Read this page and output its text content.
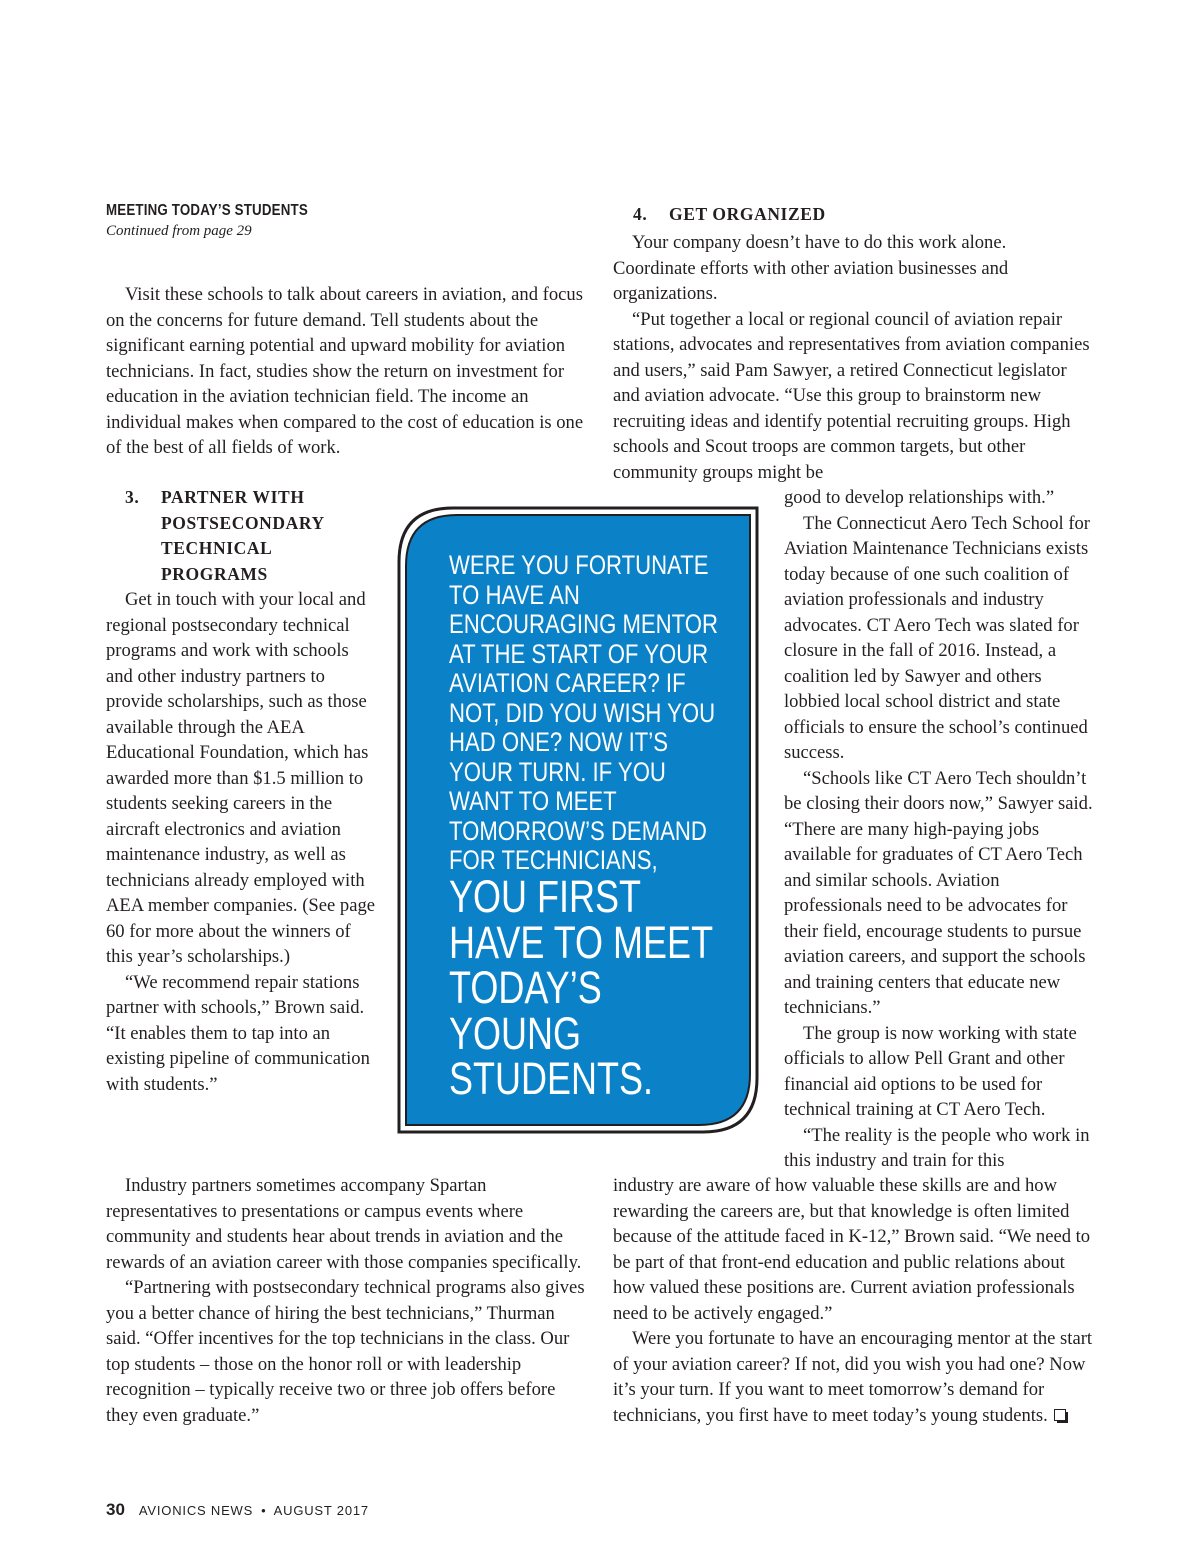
MEETING TODAY’S STUDENTS
Continued from page 29

Visit these schools to talk about careers in aviation, and focus on the concerns for future demand. Tell students about the significant earning potential and upward mobility for aviation technicians. In fact, studies show the return on investment for education in the aviation technician field. The income an individual makes when compared to the cost of education is one of the best of all fields of work.

3. PARTNER WITH POSTSECONDARY TECHNICAL PROGRAMS

Get in touch with your local and regional postsecondary technical programs and work with schools and other industry partners to provide scholarships, such as those available through the AEA Educational Foundation, which has awarded more than $1.5 million to students seeking careers in the aircraft electronics and aviation maintenance industry, as well as technicians already employed with AEA member companies. (See page 60 for more about the winners of this year’s scholarships.)

“We recommend repair stations partner with schools,” Brown said. “It enables them to tap into an existing pipeline of communication with students.”

Industry partners sometimes accompany Spartan representatives to presentations or campus events where community and students hear about trends in aviation and the rewards of an aviation career with those companies specifically.

“Partnering with postsecondary technical programs also gives you a better chance of hiring the best technicians,” Thurman said. “Offer incentives for the top technicians in the class. Our top students – those on the honor roll or with leadership recognition – typically receive two or three job offers before they even graduate.”

4. GET ORGANIZED

Your company doesn’t have to do this work alone. Coordinate efforts with other aviation businesses and organizations.

“Put together a local or regional council of aviation repair stations, advocates and representatives from aviation companies and users,” said Pam Sawyer, a retired Connecticut legislator and aviation advocate. “Use this group to brainstorm new recruiting ideas and identify potential recruiting groups. High schools and Scout troops are common targets, but other community groups might be

good to develop relationships with.”

The Connecticut Aero Tech School for Aviation Maintenance Technicians exists today because of one such coalition of aviation professionals and industry advocates. CT Aero Tech was slated for closure in the fall of 2016. Instead, a coalition led by Sawyer and others lobbied local school district and state officials to ensure the school’s continued success.

“Schools like CT Aero Tech shouldn’t be closing their doors now,” Sawyer said. “There are many high-paying jobs available for graduates of CT Aero Tech and similar schools. Aviation professionals need to be advocates for their field, encourage students to pursue aviation careers, and support the schools and training centers that educate new technicians.”

The group is now working with state officials to allow Pell Grant and other financial aid options to be used for technical training at CT Aero Tech.

“The reality is the people who work in this industry and train for this

industry are aware of how valuable these skills are and how rewarding the careers are, but that knowledge is often limited because of the attitude faced in K-12,” Brown said. “We need to be part of that front-end education and public relations about how valued these positions are. Current aviation professionals need to be actively engaged.”

Were you fortunate to have an encouraging mentor at the start of your aviation career? If not, did you wish you had one? Now it’s your turn. If you want to meet tomorrow’s demand for technicians, you first have to meet today’s young students.

WERE YOU FORTUNATE TO HAVE AN ENCOURAGING MENTOR AT THE START OF YOUR AVIATION CAREER? IF NOT, DID YOU WISH YOU HAD ONE? NOW IT’S YOUR TURN. IF YOU WANT TO MEET TOMORROW’S DEMAND FOR TECHNICIANS,
YOU FIRST
HAVE TO MEET
TODAY’S
YOUNG
STUDENTS.
30 AVIONICS NEWS • AUGUST 2017
